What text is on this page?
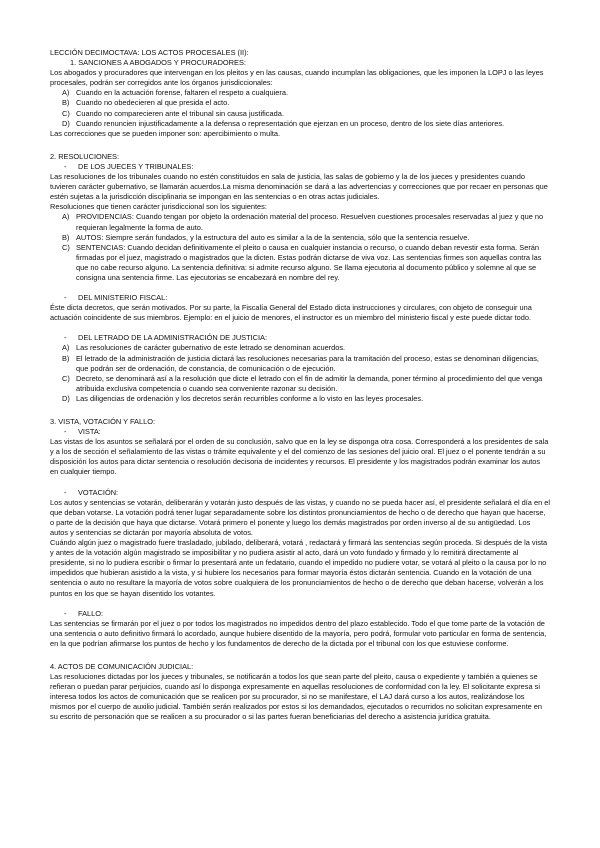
LECCIÓN DECIMOCTAVA: LOS ACTOS PROCESALES (II):

1. SANCIONES A ABOGADOS Y PROCURADORES:

Los abogados y procuradores que intervengan en los pleitos y en las causas, cuando incumplan las obligaciones, que les imponen la LOPJ o las leyes procesales, podrán ser corregidos ante los órganos jurisdiccionales:

A) Cuando en la actuación forense, faltaren el respeto a cualquiera.
B) Cuando no obedecieren al que presida el acto.
C) Cuando no comparecieren ante el tribunal sin causa justificada.
D) Cuando renuncien injustificadamente a la defensa o representación que ejerzan en un proceso, dentro de los siete días anteriores.

Las correcciones que se pueden imponer son: apercibimiento o multa.

2. RESOLUCIONES:

- DE LOS JUECES Y TRIBUNALES:

Las resoluciones de los tribunales cuando no estén constituidos en sala de justicia, las salas de gobierno y la de los jueces y presidentes cuando tuvieren carácter gubernativo, se llamarán acuerdos.La misma denominación se dará a las advertencias y correcciones que por recaer en personas que estén sujetas a la jurisdicción disciplinaria se impongan en las sentencias o en otras actas judiciales.

Resoluciones que tienen carácter jurisdiccional son los siguientes:

A) PROVIDENCIAS: Cuando tengan por objeto la ordenación material del proceso. Resuelven cuestiones procesales reservadas al juez y que no requieran legalmente la forma de auto.
B) AUTOS: Siempre serán fundados, y la estructura del auto es similar a la de la sentencia, sólo que la sentencia resuelve.
C) SENTENCIAS: Cuando decidan definitivamente el pleito o causa en cualquier instancia o recurso, o cuando deban revestir esta forma. Serán firmadas por el juez, magistrado o magistrados que la dicten. Estas podrán dictarse de viva voz. Las sentencias firmes son aquellas contra las que no cabe recurso alguno. La sentencia definitiva: si admite recurso alguno. Se llama ejecutoria al documento público y solemne al que se consigna una sentencia firme. Las ejecutorias se encabezará en nombre del rey.

- DEL MINISTERIO FISCAL:

Éste dicta decretos, que serán motivados. Por su parte, la Fiscalía General del Estado dicta instrucciones y circulares, con objeto de conseguir una actuación coincidente de sus miembros. Ejemplo: en el juicio de menores, el instructor es un miembro del ministerio fiscal y este puede dictar todo.

- DEL LETRADO DE LA ADMINISTRACIÓN DE JUSTICIA:

A) Las resoluciones de carácter gubernativo de este letrado se denominan acuerdos.
B) El letrado de la administración de justicia dictará las resoluciones necesarias para la tramitación del proceso, estas se denominan diligencias, que podrán ser de ordenación, de constancia, de comunicación o de ejecución.
C) Decreto, se denominará así a la resolución que dicte el letrado con el fin de admitir la demanda, poner término al procedimiento del que venga atribuida exclusiva competencia o cuando sea conveniente razonar su decisión.
D) Las diligencias de ordenación y los decretos serán recurribles conforme a lo visto en las leyes procesales.

3. VISTA, VOTACIÓN Y FALLO:

- VISTA:

Las vistas de los asuntos se señalará por el orden de su conclusión, salvo que en la ley se disponga otra cosa. Corresponderá a los presidentes de sala y a los de sección el señalamiento de las vistas o trámite equivalente y el del comienzo de las sesiones del juicio oral. El juez o el ponente tendrán a su disposición los autos para dictar sentencia o resolución decisoria de incidentes y recursos. El presidente y los magistrados podrán examinar los autos en cualquier tiempo.

- VOTACIÓN:

Los autos y sentencias se votarán, deliberarán y votarán justo después de las vistas, y cuando no se pueda hacer así, el presidente señalará el día en el que deban votarse. La votación podrá tener lugar separadamente sobre los distintos pronunciamientos de hecho o de derecho que hayan que hacerse, o parte de la decisión que haya que dictarse. Votará primero el ponente y luego los demás magistrados por orden inverso al de su antigüedad. Los autos y sentencias se dictarán por mayoría absoluta de votos.

Cuándo algún juez o magistrado fuere trasladado, jubilado, deliberará, votará , redactará y firmará las sentencias según proceda. Si después de la vista y antes de la votación algún magistrado se imposibilitar y no pudiera asistir al acto, dará un voto fundado y firmado y lo remitirá directamente al presidente, si no lo pudiera escribir o firmar lo presentará ante un fedatario, cuando el impedido no pudiere votar, se votará al pleito o la causa por lo no impedidos que hubieran asistido a la vista, y si hubiere los necesarios para formar mayoría éstos dictarán sentencia. Cuando en la votación de una sentencia o auto no resultare la mayoría de votos sobre cualquiera de los pronunciamientos de hecho o de derecho que deban hacerse, volverán a los puntos en los que se hayan disentido los votantes.

- FALLO:

Las sentencias se firmarán por el juez o por todos los magistrados no impedidos dentro del plazo establecido. Todo el que tome parte de la votación de una sentencia o auto definitivo firmará lo acordado, aunque hubiere disentido de la mayoría, pero podrá, formular voto particular en forma de sentencia, en la que podrían afirmarse los puntos de hecho y los fundamentos de derecho de la dictada por el tribunal con los que estuviese conforme.

4. ACTOS DE COMUNICACIÓN JUDICIAL:

Las resoluciones dictadas por los jueces y tribunales, se notificarán a todos los que sean parte del pleito, causa o expediente y también a quienes se refieran o puedan parar perjuicios, cuando así lo disponga expresamente en aquellas resoluciones de conformidad con la ley. El solicitante expresa si interesa todos los actos de comunicación que se realicen por su procurador, si no se manifestare, el LAJ dará curso a los autos, realizándose los mismos por el cuerpo de auxilio judicial. También serán realizados por estos si los demandados, ejecutados o recurridos no solicitan expresamente en su escrito de personación que se realicen a su procurador o si las partes fueran beneficiarias del derecho a asistencia jurídica gratuita.
